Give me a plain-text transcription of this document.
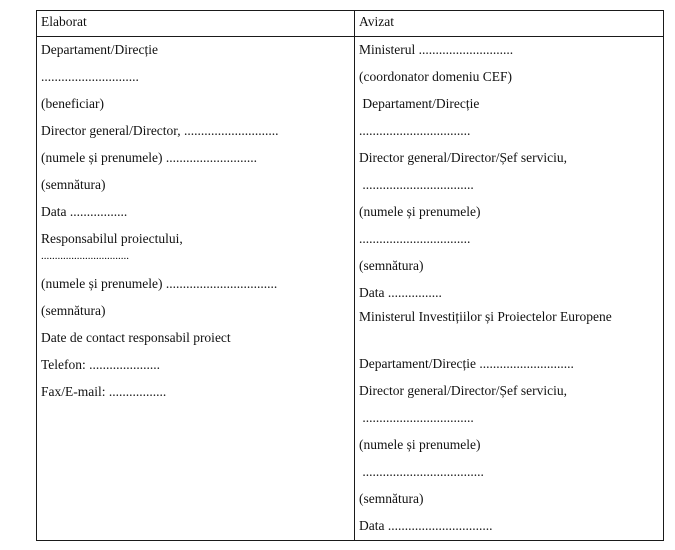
Elaborat	Avizat
Departament/Direcție
.............................
(beneficiar)
Director general/Director, ............................
(numele și prenumele) ...........................
(semnătura)
Data .................
Responsabilul proiectului,
................................
(numele și prenumele) .................................
(semnătura)
Date de contact responsabil proiect
Telefon: .....................
Fax/E-mail: .................
Ministerul ............................
(coordonator domeniu CEF)
Departament/Direcție
.................................
Director general/Director/Șef serviciu,
.................................
(numele și prenumele)
.................................
(semnătura)
Data ................
Ministerul Investițiilor și Proiectelor Europene
Departament/Direcție ............................
Director general/Director/Șef serviciu,
.................................
(numele și prenumele)
....................................
(semnătura)
Data ...............................
